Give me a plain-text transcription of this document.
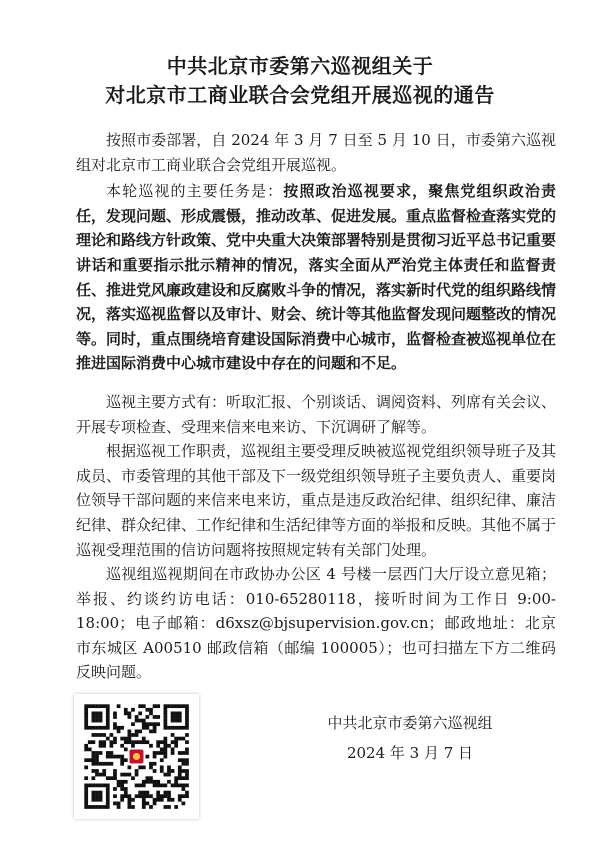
中共北京市委第六巡视组关于
对北京市工商业联合会党组开展巡视的通告

按照市委部署，自 2024 年 3 月 7 日至 5 月 10 日，市委第六巡视组对北京市工商业联合会党组开展巡视。

本轮巡视的主要任务是：按照政治巡视要求，聚焦党组织政治责任，发现问题、形成震慑，推动改革、促进发展。重点监督检查落实党的理论和路线方针政策、党中央重大决策部署特别是贯彻习近平总书记重要讲话和重要指示批示精神的情况，落实全面从严治党主体责任和监督责任、推进党风廉政建设和反腐败斗争的情况，落实新时代党的组织路线情况，落实巡视监督以及审计、财会、统计等其他监督发现问题整改的情况等。同时，重点围绕培育建设国际消费中心城市，监督检查被巡视单位在推进国际消费中心城市建设中存在的问题和不足。

巡视主要方式有：听取汇报、个别谈话、调阅资料、列席有关会议、开展专项检查、受理来信来电来访、下沉调研了解等。

根据巡视工作职责，巡视组主要受理反映被巡视党组织领导班子及其成员、市委管理的其他干部及下一级党组织领导班子主要负责人、重要岗位领导干部问题的来信来电来访，重点是违反政治纪律、组织纪律、廉洁纪律、群众纪律、工作纪律和生活纪律等方面的举报和反映。其他不属于巡视受理范围的信访问题将按照规定转有关部门处理。

巡视组巡视期间在市政协办公区 4 号楼一层西门大厅设立意见箱；举报、约谈约访电话：010-65280118，接听时间为工作日 9:00-18:00；电子邮箱：d6xsz@bjsupervision.gov.cn；邮政地址：北京市东城区 A00510 邮政信箱（邮编 100005）；也可扫描左下方二维码反映问题。

中共北京市委第六巡视组
2024 年 3 月 7 日
